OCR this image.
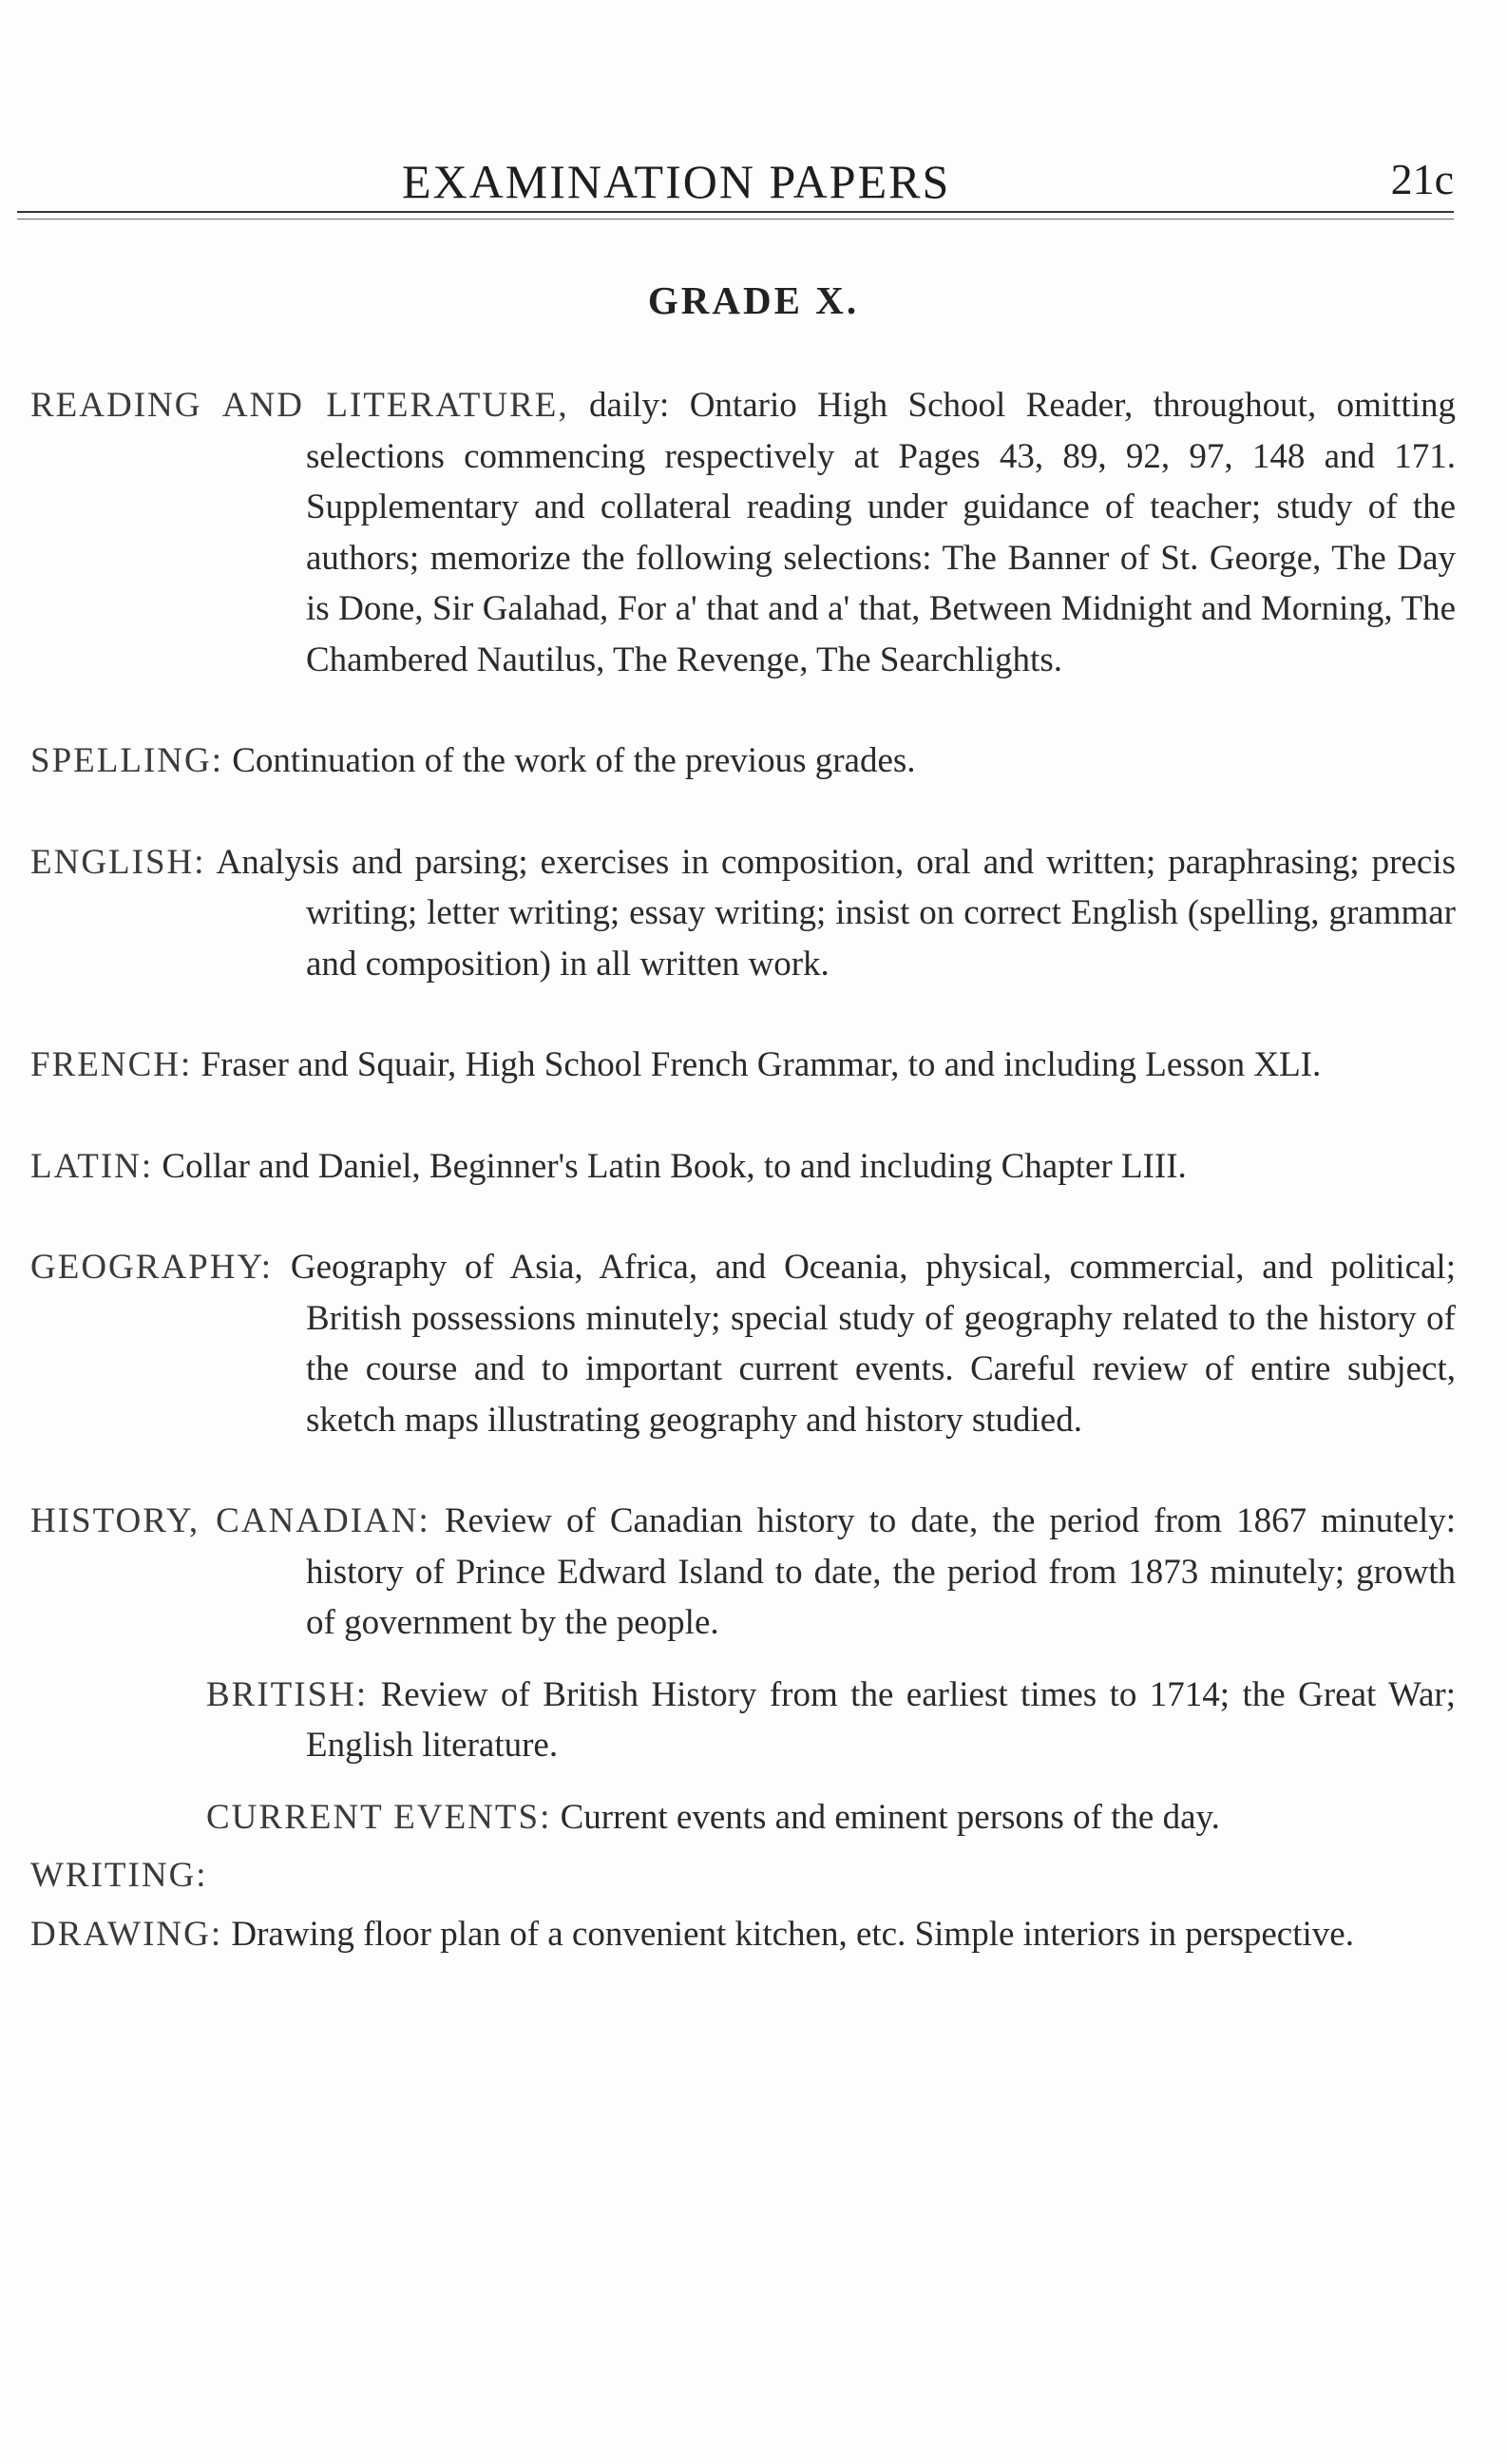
EXAMINATION PAPERS	21c
GRADE X.

READING AND LITERATURE, daily: Ontario High School Reader, throughout, omitting selections commencing respectively at Pages 43, 89, 92, 97, 148 and 171. Supplementary and collateral reading under guidance of teacher; study of the authors; memorize the following selections: The Banner of St. George, The Day is Done, Sir Galahad, For a' that and a' that, Between Midnight and Morning, The Chambered Nautilus, The Revenge, The Searchlights.

SPELLING: Continuation of the work of the previous grades.

ENGLISH: Analysis and parsing; exercises in composition, oral and written; paraphrasing; precis writing; letter writing; essay writing; insist on correct English (spelling, grammar and composition) in all written work.

FRENCH: Fraser and Squair, High School French Grammar, to and including Lesson XLI.

LATIN: Collar and Daniel, Beginner's Latin Book, to and including Chapter LIII.

GEOGRAPHY: Geography of Asia, Africa, and Oceania, physical, commercial, and political; British possessions minutely; special study of geography related to the history of the course and to important current events. Careful review of entire subject, sketch maps illustrating geography and history studied.

HISTORY, CANADIAN: Review of Canadian history to date, the period from 1867 minutely: history of Prince Edward Island to date, the period from 1873 minutely; growth of government by the people.

BRITISH: Review of British History from the earliest times to 1714; the Great War; English literature.

CURRENT EVENTS: Current events and eminent persons of the day.

WRITING:

DRAWING: Drawing floor plan of a convenient kitchen, etc. Simple interiors in perspective.
